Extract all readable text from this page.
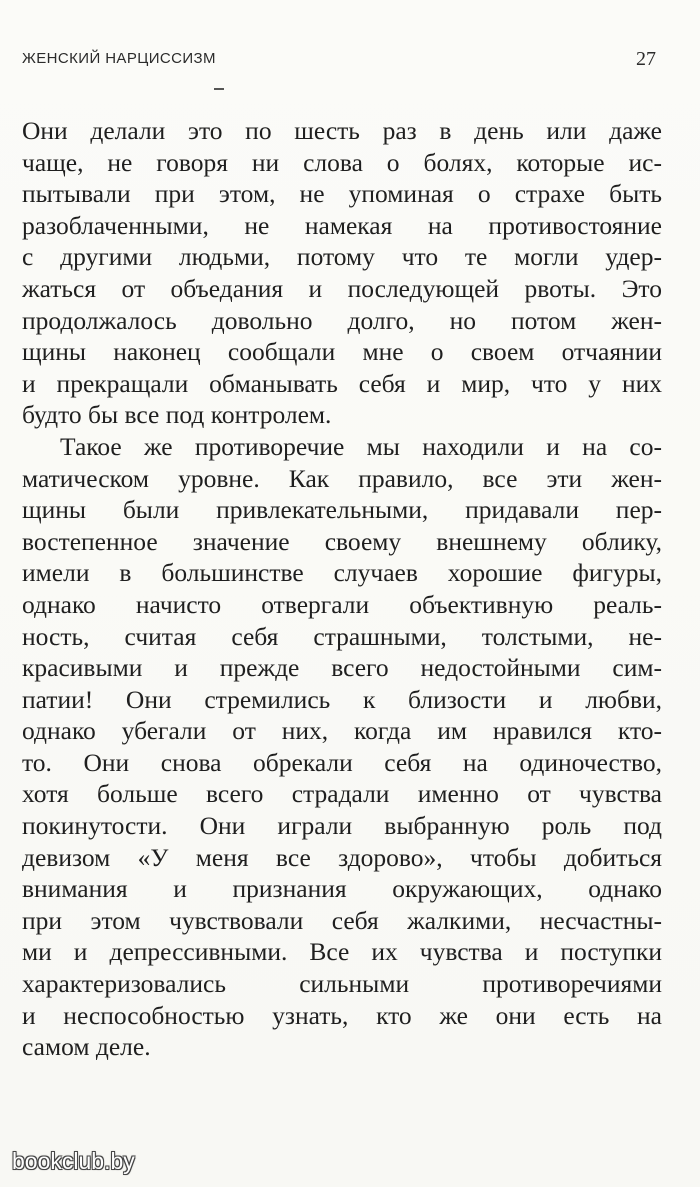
ЖЕНСКИЙ НАРЦИССИЗМ	27
Они делали это по шесть раз в день или даже
чаще, не говоря ни слова о болях, которые ис-
пытывали при этом, не упоминая о страхе быть
разоблаченными, не намекая на противостояние
с другими людьми, потому что те могли удер-
жаться от объедания и последующей рвоты. Это
продолжалось довольно долго, но потом жен-
щины наконец сообщали мне о своем отчаянии
и прекращали обманывать себя и мир, что у них
будто бы все под контролем.
Такое же противоречие мы находили и на со-
матическом уровне. Как правило, все эти жен-
щины были привлекательными, придавали пер-
востепенное значение своему внешнему облику,
имели в большинстве случаев хорошие фигуры,
однако начисто отвергали объективную реаль-
ность, считая себя страшными, толстыми, не-
красивыми и прежде всего недостойными сим-
патии! Они стремились к близости и любви,
однако убегали от них, когда им нравился кто-
то. Они снова обрекали себя на одиночество,
хотя больше всего страдали именно от чувства
покинутости. Они играли выбранную роль под
девизом «У меня все здорово», чтобы добиться
внимания и признания окружающих, однако
при этом чувствовали себя жалкими, несчастны-
ми и депрессивными. Все их чувства и поступки
характеризовались сильными противоречиями
и неспособностью узнать, кто же они есть на
самом деле.
bookclub.by
